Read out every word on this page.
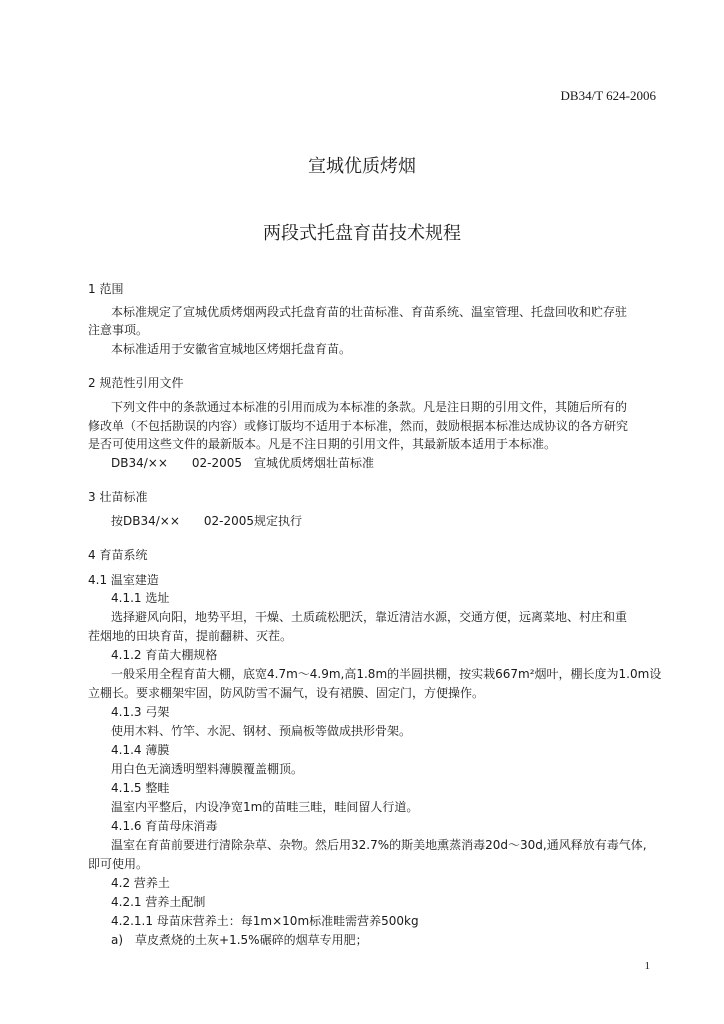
DB34/T 624-2006
宣城优质烤烟
两段式托盘育苗技术规程
1 范围
本标准规定了宣城优质烤烟两段式托盘育苗的壮苗标准、育苗系统、温室管理、托盘回收和贮存驻
注意事项。
本标准适用于安徽省宣城地区烤烟托盘育苗。
2 规范性引用文件
下列文件中的条款通过本标准的引用而成为本标准的条款。凡是注日期的引用文件，其随后所有的
修改单（不包括勘误的内容）或修订版均不适用于本标准，然而，鼓励根据本标准达成协议的各方研究
是否可使用这些文件的最新版本。凡是不注日期的引用文件，其最新版本适用于本标准。
DB34/××　　02-2005　宣城优质烤烟壮苗标准
3 壮苗标准
按DB34/××　　02-2005规定执行
4 育苗系统
4.1 温室建造
4.1.1 选址
选择避风向阳，地势平坦，干燥、土质疏松肥沃，靠近清洁水源，交通方便，远离菜地、村庄和重
茬烟地的田块育苗，提前翻耕、灭茬。
4.1.2 育苗大棚规格
一般采用全程育苗大棚，底宽4.7m～4.9m,高1.8m的半圆拱棚，按实栽667m²烟叶，棚长度为1.0m设
立棚长。要求棚架牢固，防风防雪不漏气，设有裙膜、固定门，方便操作。
4.1.3 弓架
使用木料、竹竿、水泥、钢材、预扁板等做成拱形骨架。
4.1.4 薄膜
用白色无滴透明塑料薄膜覆盖棚顶。
4.1.5 整畦
温室内平整后，内设净宽1m的苗畦三畦，畦间留人行道。
4.1.6 育苗母床消毒
温室在育苗前要进行清除杂草、杂物。然后用32.7%的斯美地熏蒸消毒20d～30d,通风释放有毒气体,
即可使用。
4.2 营养土
4.2.1 营养土配制
4.2.1.1 母苗床营养土：每1m×10m标准畦需营养500kg
a)　草皮煮烧的土灰+1.5%碾碎的烟草专用肥；
1
